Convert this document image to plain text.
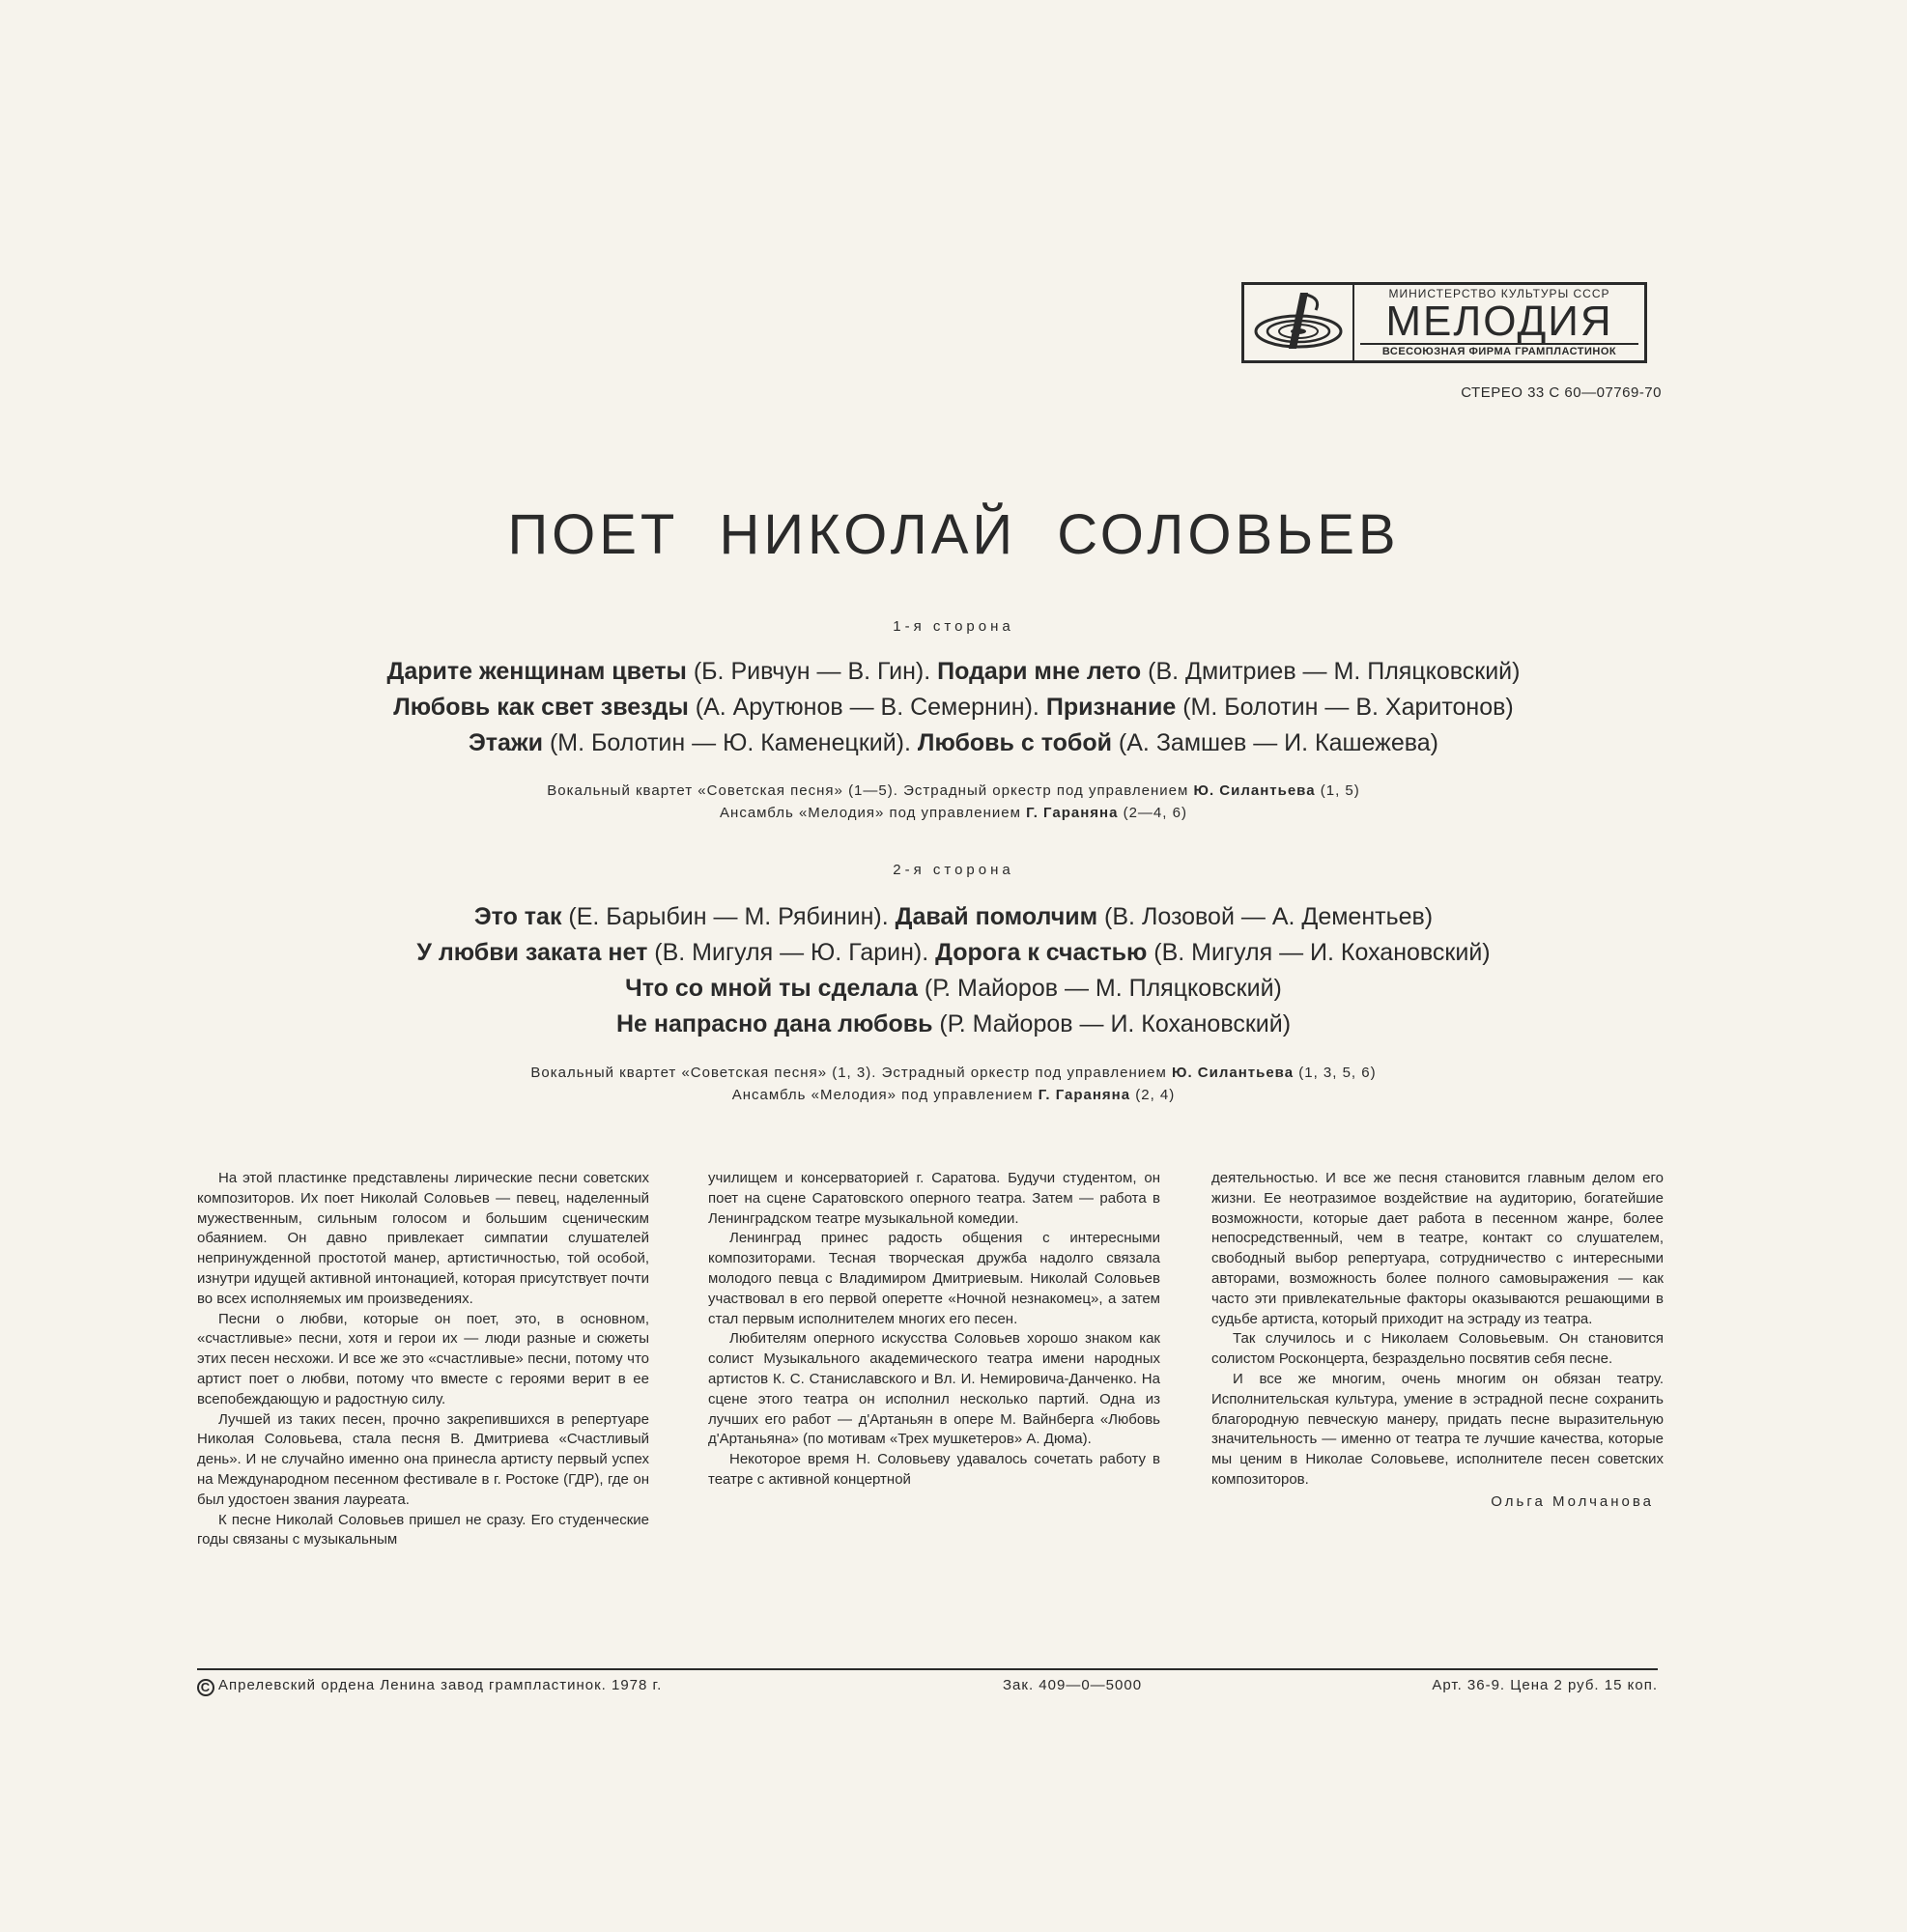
МИНИСТЕРСТВО КУЛЬТУРЫ СССР
МЕЛОДИЯ
ВСЕСОЮЗНАЯ ФИРМА ГРАМПЛАСТИНОК
СТЕРЕО 33 С 60—07769-70
ПОЕТ НИКОЛАЙ СОЛОВЬЕВ
1-я сторона
Дарите женщинам цветы (Б. Ривчун — В. Гин). Подари мне лето (В. Дмитриев — М. Пляцковский)
Любовь как свет звезды (А. Арутюнов — В. Семернин). Признание (М. Болотин — В. Харитонов)
Этажи (М. Болотин — Ю. Каменецкий). Любовь с тобой (А. Замшев — И. Кашежева)
Вокальный квартет «Советская песня» (1—5). Эстрадный оркестр под управлением Ю. Силантьева (1, 5)
Ансамбль «Мелодия» под управлением Г. Гараняна (2—4, 6)
2-я сторона
Это так (Е. Барыбин — М. Рябинин). Давай помолчим (В. Лозовой — А. Дементьев)
У любви заката нет (В. Мигуля — Ю. Гарин). Дорога к счастью (В. Мигуля — И. Кохановский)
Что со мной ты сделала (Р. Майоров — М. Пляцковский)
Не напрасно дана любовь (Р. Майоров — И. Кохановский)
Вокальный квартет «Советская песня» (1, 3). Эстрадный оркестр под управлением Ю. Силантьева (1, 3, 5, 6)
Ансамбль «Мелодия» под управлением Г. Гараняна (2, 4)

На этой пластинке представлены лирические песни советских композиторов. Их поет Николай Соловьев — певец, наделенный мужественным, сильным голосом и большим сценическим обаянием. Он давно привлекает симпатии слушателей непринужденной простотой манер, артистичностью, той особой, изнутри идущей активной интонацией, которая присутствует почти во всех исполняемых им произведениях.

Песни о любви, которые он поет, это, в основном, «счастливые» песни, хотя и герои их — люди разные и сюжеты этих песен несхожи. И все же это «счастливые» песни, потому что артист поет о любви, потому что вместе с героями верит в ее всепобеждающую и радостную силу.

Лучшей из таких песен, прочно закрепившихся в репертуаре Николая Соловьева, стала песня В. Дмитриева «Счастливый день». И не случайно именно она принесла артисту первый успех на Международном песенном фестивале в г. Ростоке (ГДР), где он был удостоен звания лауреата.

К песне Николай Соловьев пришел не сразу. Его студенческие годы связаны с музыкальным

училищем и консерваторией г. Саратова. Будучи студентом, он поет на сцене Саратовского оперного театра. Затем — работа в Ленинградском театре музыкальной комедии.

Ленинград принес радость общения с интересными композиторами. Тесная творческая дружба надолго связала молодого певца с Владимиром Дмитриевым. Николай Соловьев участвовал в его первой оперетте «Ночной незнакомец», а затем стал первым исполнителем многих его песен.

Любителям оперного искусства Соловьев хорошо знаком как солист Музыкального академического театра имени народных артистов К. С. Станиславского и Вл. И. Немировича-Данченко. На сцене этого театра он исполнил несколько партий. Одна из лучших его работ — д'Артаньян в опере М. Вайнберга «Любовь д'Артаньяна» (по мотивам «Трех мушкетеров» А. Дюма).

Некоторое время Н. Соловьеву удавалось сочетать работу в театре с активной концертной

деятельностью. И все же песня становится главным делом его жизни. Ее неотразимое воздействие на аудиторию, богатейшие возможности, которые дает работа в песенном жанре, более непосредственный, чем в театре, контакт со слушателем, свободный выбор репертуара, сотрудничество с интересными авторами, возможность более полного самовыражения — как часто эти привлекательные факторы оказываются решающими в судьбе артиста, который приходит на эстраду из театра.

Так случилось и с Николаем Соловьевым. Он становится солистом Росконцерта, безраздельно посвятив себя песне.

И все же многим, очень многим он обязан театру. Исполнительская культура, умение в эстрадной песне сохранить благородную певческую манеру, придать песне выразительную значительность — именно от театра те лучшие качества, которые мы ценим в Николае Соловьеве, исполнителе песен советских композиторов.

Ольга Молчанова

C Апрелевский ордена Ленина завод грампластинок. 1978 г.	Зак. 409—0—5000	Арт. 36-9. Цена 2 руб. 15 коп.
